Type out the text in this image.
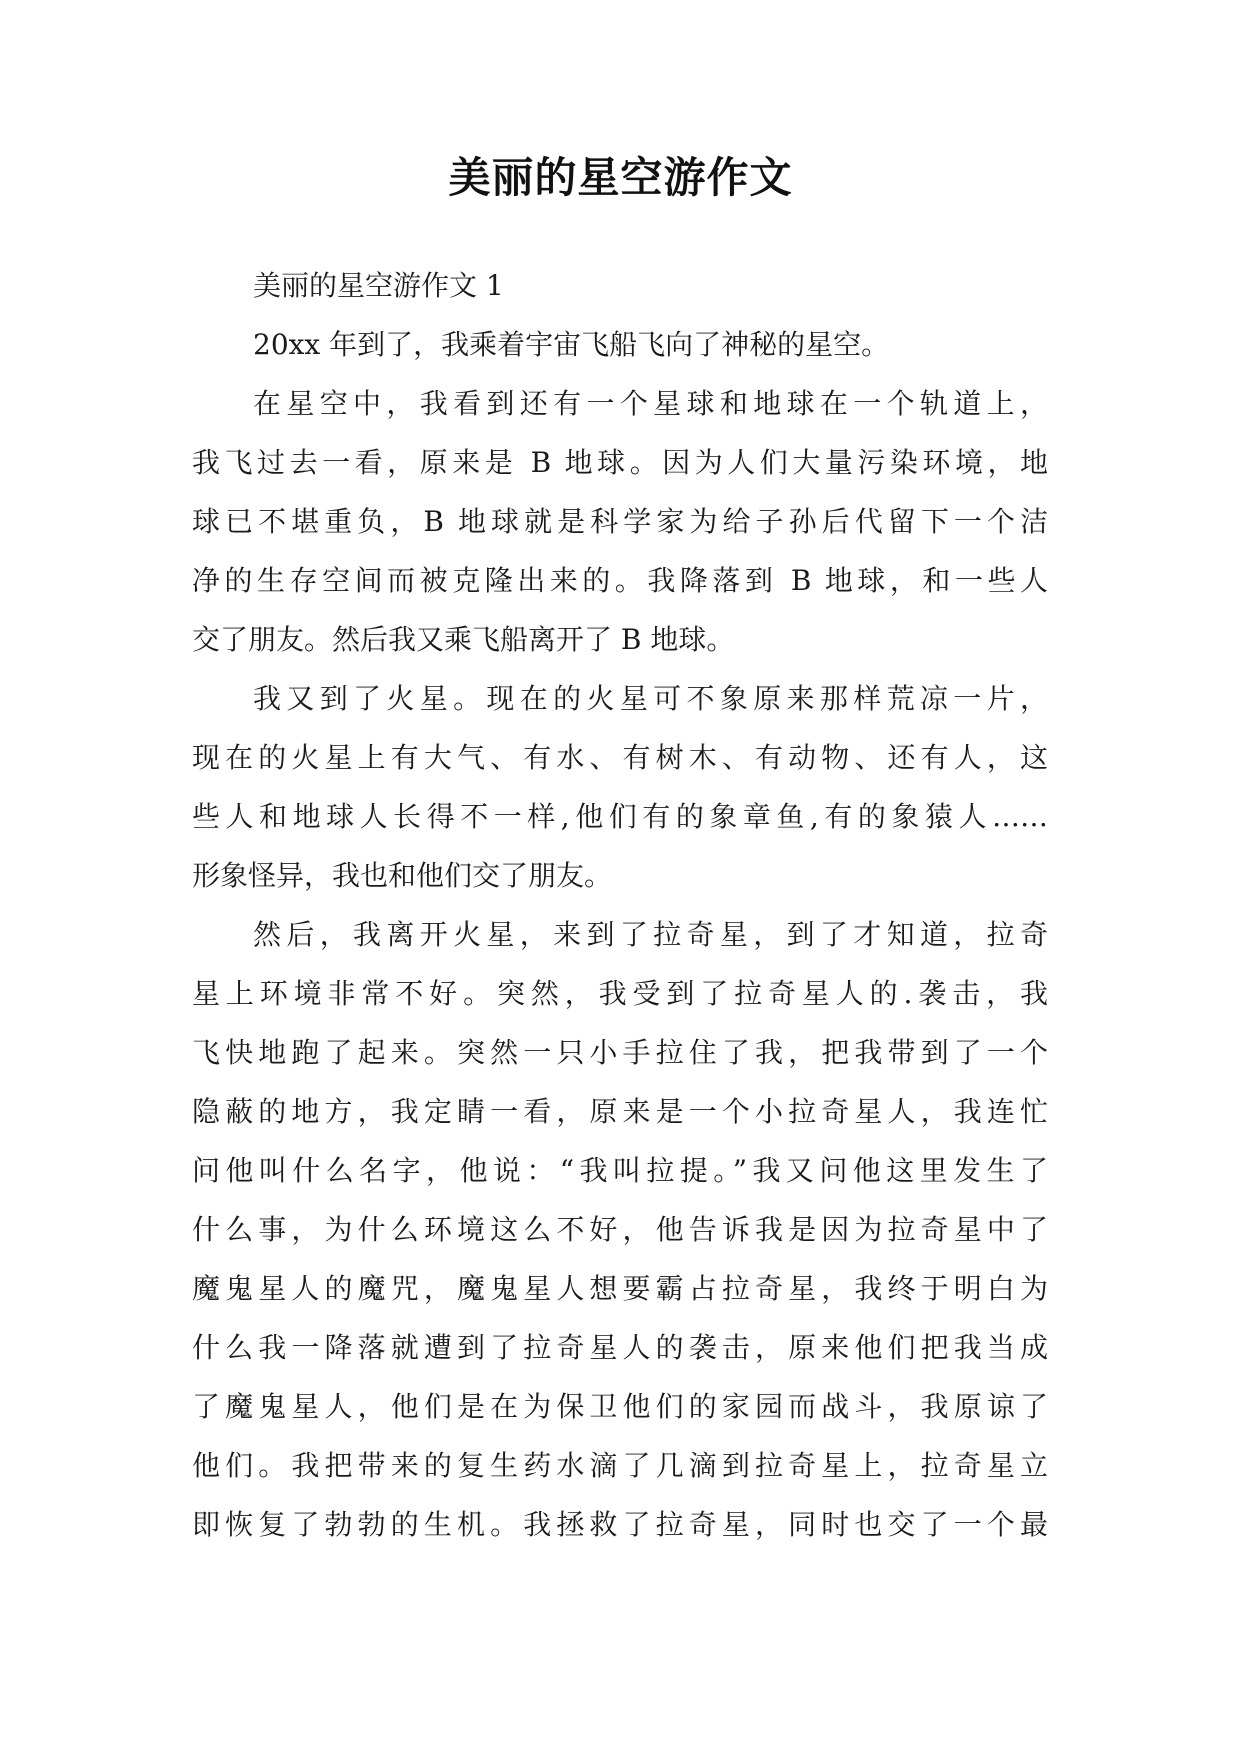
美丽的星空游作文
美丽的星空游作文 1
20xx 年到了，我乘着宇宙飞船飞向了神秘的星空。
在星空中，我看到还有一个星球和地球在一个轨道上，
我飞过去一看，原来是 B 地球。因为人们大量污染环境，地
球已不堪重负，B 地球就是科学家为给子孙后代留下一个洁
净的生存空间而被克隆出来的。我降落到 B 地球，和一些人
交了朋友。然后我又乘飞船离开了 B 地球。
我又到了火星。现在的火星可不象原来那样荒凉一片，
现在的火星上有大气、有水、有树木、有动物、还有人，这
些人和地球人长得不一样,他们有的象章鱼,有的象猿人……
形象怪异，我也和他们交了朋友。
然后，我离开火星，来到了拉奇星，到了才知道，拉奇
星上环境非常不好。突然，我受到了拉奇星人的.袭击，我
飞快地跑了起来。突然一只小手拉住了我，把我带到了一个
隐蔽的地方，我定睛一看，原来是一个小拉奇星人，我连忙
问他叫什么名字，他说：“我叫拉提。”我又问他这里发生了
什么事，为什么环境这么不好，他告诉我是因为拉奇星中了
魔鬼星人的魔咒，魔鬼星人想要霸占拉奇星，我终于明白为
什么我一降落就遭到了拉奇星人的袭击，原来他们把我当成
了魔鬼星人，他们是在为保卫他们的家园而战斗，我原谅了
他们。我把带来的复生药水滴了几滴到拉奇星上，拉奇星立
即恢复了勃勃的生机。我拯救了拉奇星，同时也交了一个最
